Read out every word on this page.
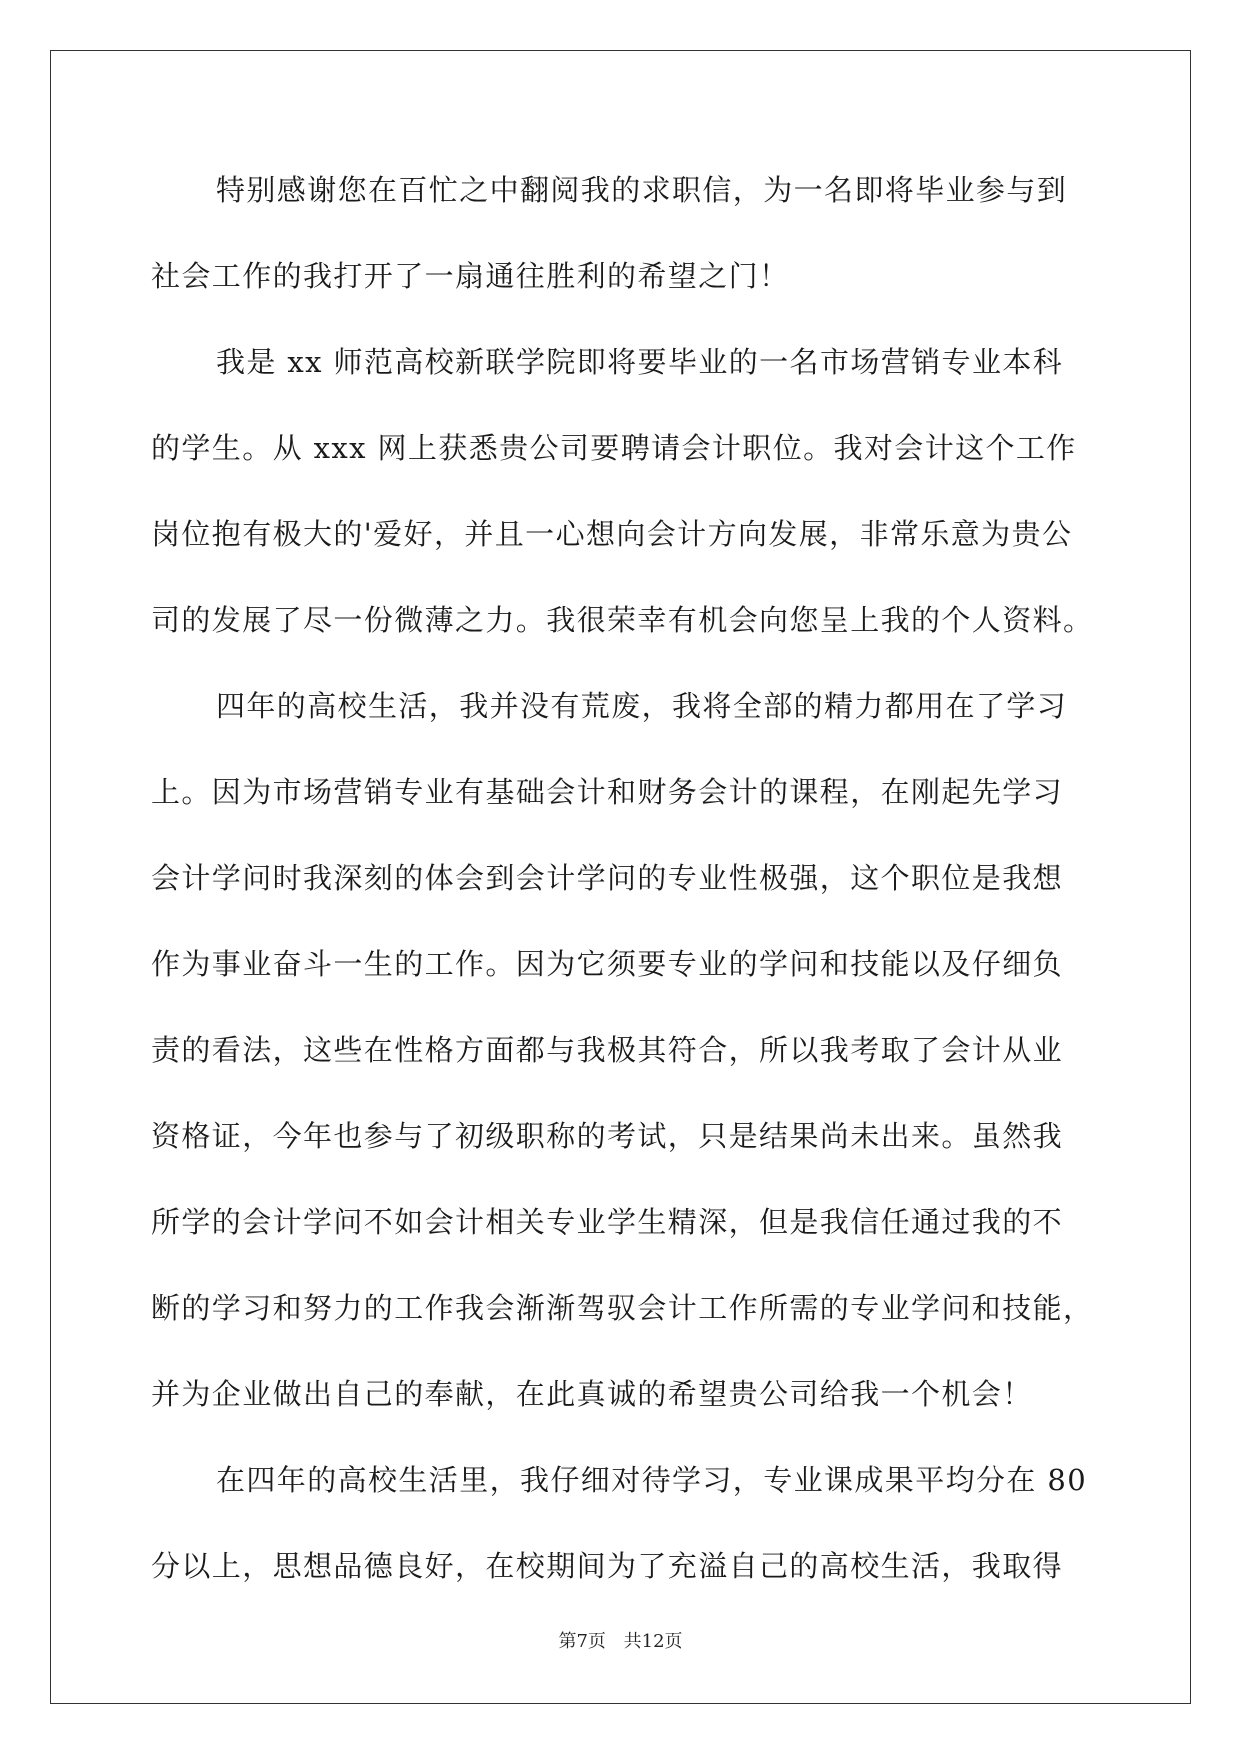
特别感谢您在百忙之中翻阅我的求职信，为一名即将毕业参与到
社会工作的我打开了一扇通往胜利的希望之门！
我是 xx 师范高校新联学院即将要毕业的一名市场营销专业本科
的学生。从 xxx 网上获悉贵公司要聘请会计职位。我对会计这个工作
岗位抱有极大的'爱好，并且一心想向会计方向发展，非常乐意为贵公
司的发展了尽一份微薄之力。我很荣幸有机会向您呈上我的个人资料。
四年的高校生活，我并没有荒废，我将全部的精力都用在了学习
上。因为市场营销专业有基础会计和财务会计的课程，在刚起先学习
会计学问时我深刻的体会到会计学问的专业性极强，这个职位是我想
作为事业奋斗一生的工作。因为它须要专业的学问和技能以及仔细负
责的看法，这些在性格方面都与我极其符合，所以我考取了会计从业
资格证，今年也参与了初级职称的考试，只是结果尚未出来。虽然我
所学的会计学问不如会计相关专业学生精深，但是我信任通过我的不
断的学习和努力的工作我会渐渐驾驭会计工作所需的专业学问和技能，
并为企业做出自己的奉献，在此真诚的希望贵公司给我一个机会！
在四年的高校生活里，我仔细对待学习，专业课成果平均分在 80
分以上，思想品德良好，在校期间为了充溢自己的高校生活，我取得
第7页 共12页
